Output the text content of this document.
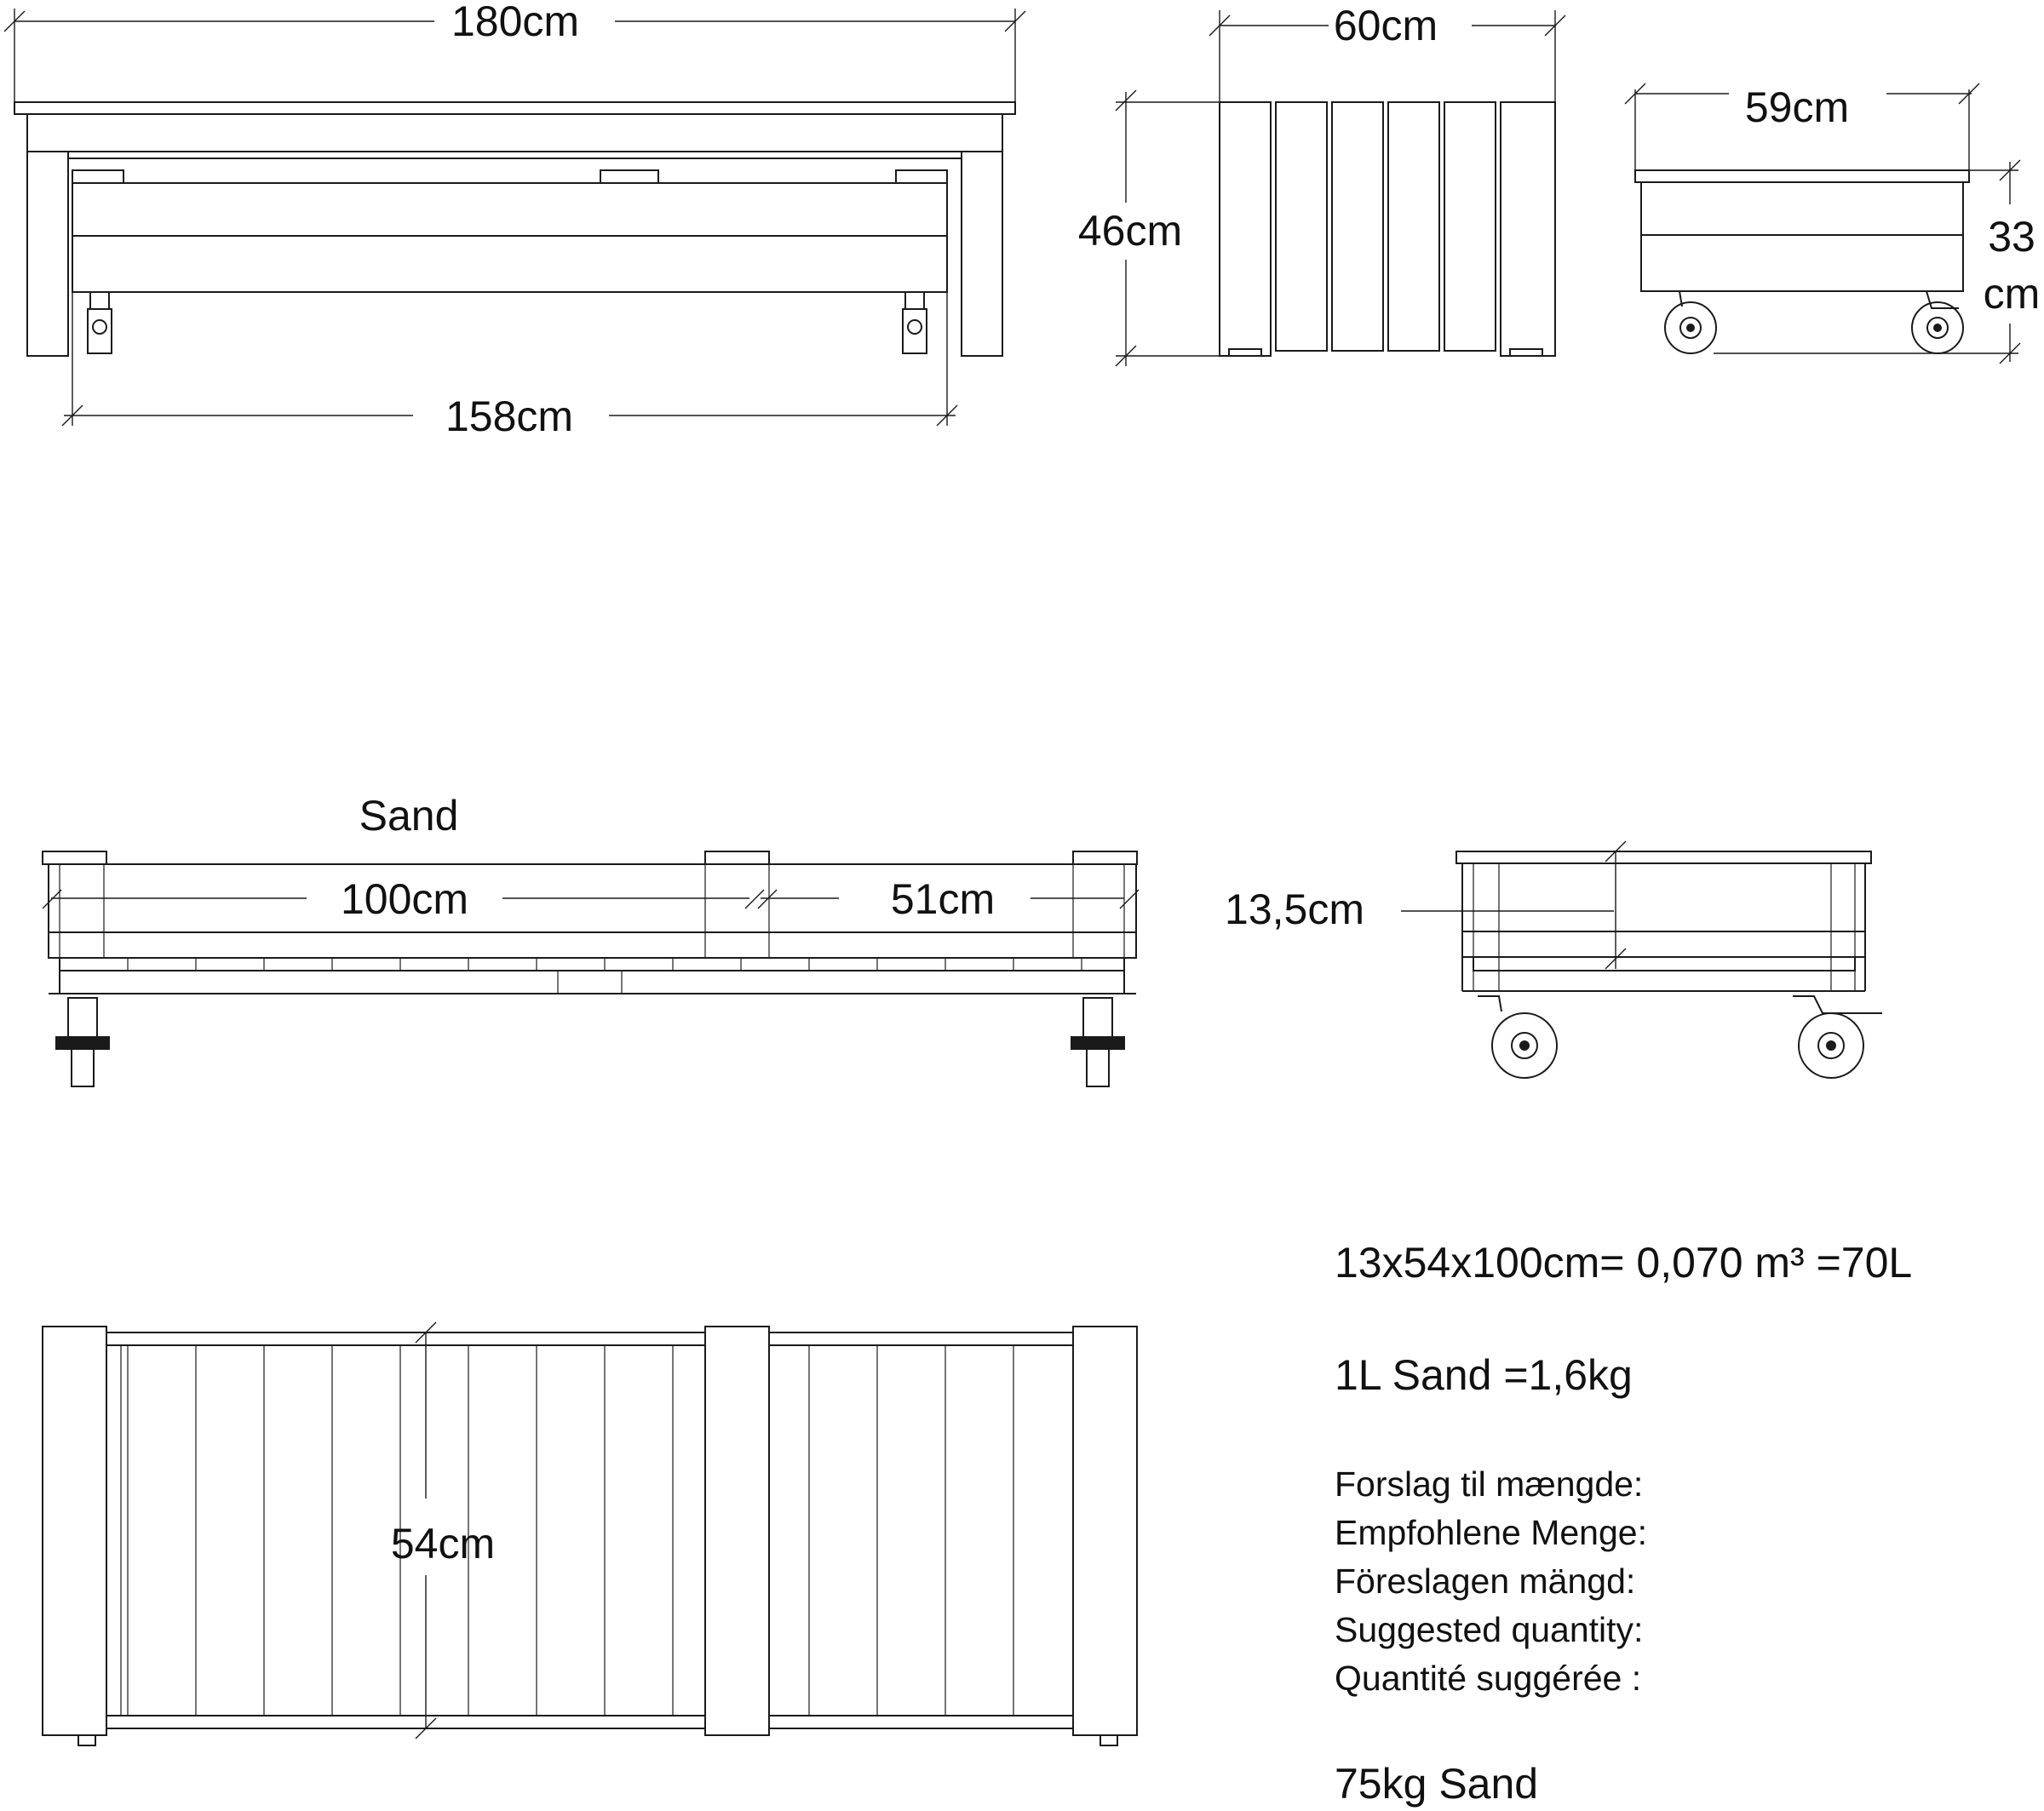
180cm
158cm
60cm
46cm
59cm
33
cm
Sand
100cm	51cm	13,5cm
54cm
13x54x100cm= 0,070 m³ =70L
1L Sand =1,6kg
Forslag til mængde:
Empfohlene Menge:
Föreslagen mängd:
Suggested quantity:
Quantité suggérée :
75kg Sand
